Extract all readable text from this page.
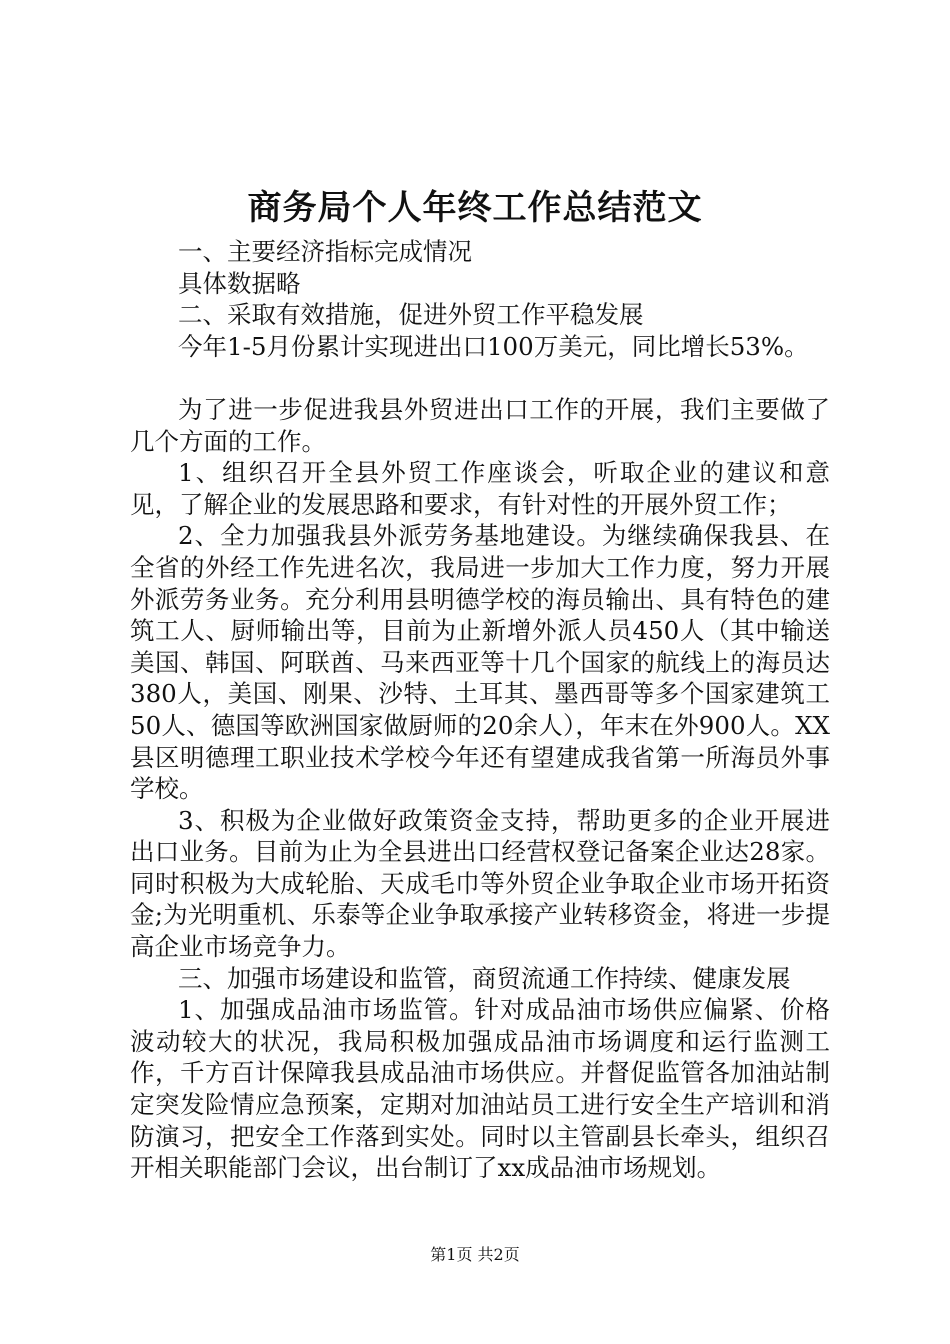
商务局个人年终工作总结范文
一、主要经济指标完成情况
具体数据略
二、采取有效措施，促进外贸工作平稳发展
今年1-5月份累计实现进出口100万美元，同比增长53%。

为了进一步促进我县外贸进出口工作的开展，我们主要做了几个方面的工作。

1、组织召开全县外贸工作座谈会，听取企业的建议和意见，了解企业的发展思路和要求，有针对性的开展外贸工作；

2、全力加强我县外派劳务基地建设。为继续确保我县、在全省的外经工作先进名次，我局进一步加大工作力度，努力开展外派劳务业务。充分利用县明德学校的海员输出、具有特色的建筑工人、厨师输出等，目前为止新增外派人员450人（其中输送美国、韩国、阿联酋、马来西亚等十几个国家的航线上的海员达380人，美国、刚果、沙特、土耳其、墨西哥等多个国家建筑工50人、德国等欧洲国家做厨师的20余人），年末在外900人。XX县区明德理工职业技术学校今年还有望建成我省第一所海员外事学校。

3、积极为企业做好政策资金支持，帮助更多的企业开展进出口业务。目前为止为全县进出口经营权登记备案企业达28家。同时积极为大成轮胎、天成毛巾等外贸企业争取企业市场开拓资金;为光明重机、乐泰等企业争取承接产业转移资金，将进一步提高企业市场竞争力。

三、加强市场建设和监管，商贸流通工作持续、健康发展

1、加强成品油市场监管。针对成品油市场供应偏紧、价格波动较大的状况，我局积极加强成品油市场调度和运行监测工作，千方百计保障我县成品油市场供应。并督促监管各加油站制定突发险情应急预案，定期对加油站员工进行安全生产培训和消防演习，把安全工作落到实处。同时以主管副县长牵头，组织召开相关职能部门会议，出台制订了xx成品油市场规划。

第1页 共2页
